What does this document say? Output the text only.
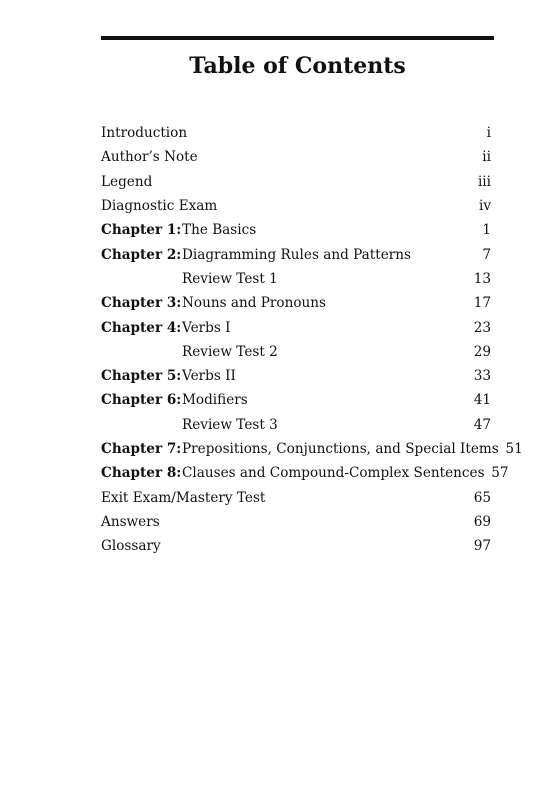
Table of Contents
Introduction	i
Author’s Note	ii
Legend	iii
Diagnostic Exam	iv
Chapter 1: The Basics	1
Chapter 2: Diagramming Rules and Patterns	7
Review Test 1	13
Chapter 3: Nouns and Pronouns	17
Chapter 4: Verbs I	23
Review Test 2	29
Chapter 5: Verbs II	33
Chapter 6: Modifiers	41
Review Test 3	47
Chapter 7: Prepositions, Conjunctions, and Special Items 51
Chapter 8: Clauses and Compound-Complex Sentences 57
Exit Exam/Mastery Test	65
Answers	69
Glossary	97
